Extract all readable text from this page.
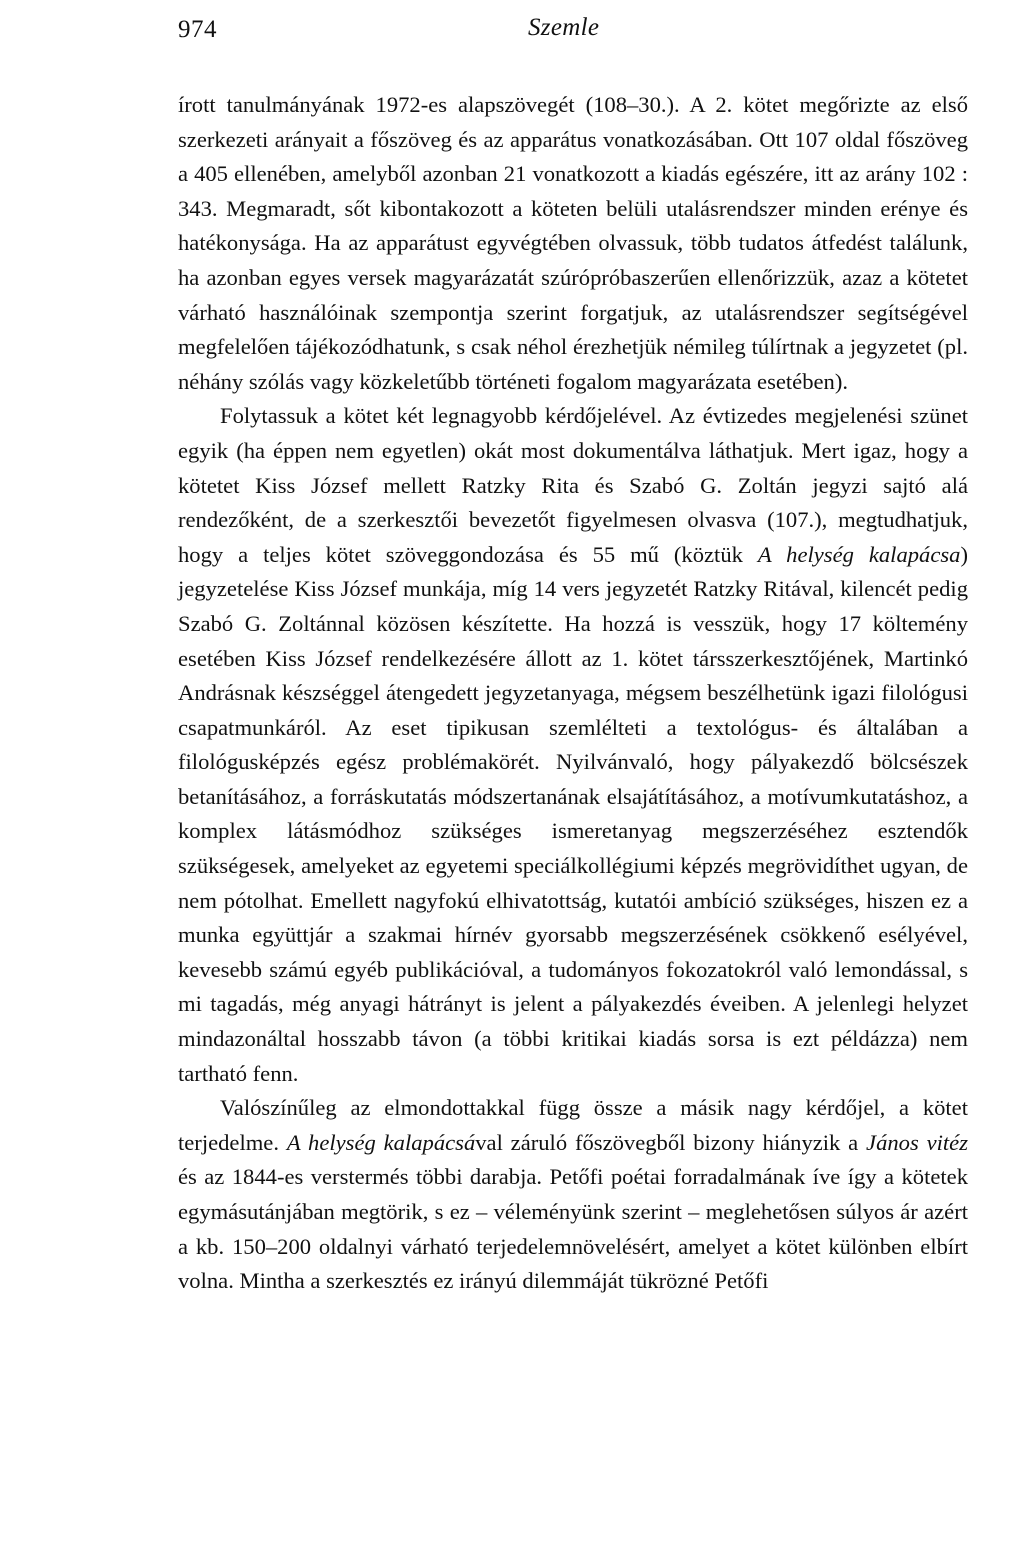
974	Szemle

írott tanulmányának 1972-es alapszövegét (108–30.). A 2. kötet megőrizte az első szerkezeti arányait a főszöveg és az apparátus vonatkozásában. Ott 107 oldal főszöveg a 405 ellenében, amelyből azonban 21 vonatkozott a kiadás egészére, itt az arány 102 : 343. Megmaradt, sőt kibontakozott a köteten belüli utalásrendszer minden erénye és hatékonysága. Ha az apparátust egyvégtében olvassuk, több tudatos átfedést találunk, ha azonban egyes versek magyarázatát szúrópróbaszerűen ellenőrizzük, azaz a kötetet várható használóinak szempontja szerint forgatjuk, az utalásrendszer segítségével megfelelően tájékozódhatunk, s csak néhol érezhetjük némileg túlírtnak a jegyzetet (pl. néhány szólás vagy közkeletűbb történeti fogalom magyarázata esetében).

Folytassuk a kötet két legnagyobb kérdőjelével. Az évtizedes megjelenési szünet egyik (ha éppen nem egyetlen) okát most dokumentálva láthatjuk. Mert igaz, hogy a kötetet Kiss József mellett Ratzky Rita és Szabó G. Zoltán jegyzi sajtó alá rendezőként, de a szerkesztői bevezetőt figyelmesen olvasva (107.), megtudhatjuk, hogy a teljes kötet szöveggondozása és 55 mű (köztük A helység kalapácsa) jegyzetelése Kiss József munkája, míg 14 vers jegyzetét Ratzky Ritával, kilencét pedig Szabó G. Zoltánnal közösen készítette. Ha hozzá is vesszük, hogy 17 költemény esetében Kiss József rendelkezésére állott az 1. kötet társszerkesztőjének, Martinkó Andrásnak készséggel átengedett jegyzetanyaga, mégsem beszélhetünk igazi filológusi csapatmunkáról. Az eset tipikusan szemlélteti a textológus- és általában a filológusképzés egész problémakörét. Nyilvánvaló, hogy pályakezdő bölcsészek betanításához, a forráskutatás módszertanának elsajátításához, a motívumkutatáshoz, a komplex látásmódhoz szükséges ismeretanyag megszerzéséhez esztendők szükségesek, amelyeket az egyetemi speciálkollégiumi képzés megrövidíthet ugyan, de nem pótolhat. Emellett nagyfokú elhivatottság, kutatói ambíció szükséges, hiszen ez a munka együttjár a szakmai hírnév gyorsabb megszerzésének csökkenő esélyével, kevesebb számú egyéb publikációval, a tudományos fokozatokról való lemondással, s mi tagadás, még anyagi hátrányt is jelent a pályakezdés éveiben. A jelenlegi helyzet mindazonáltal hosszabb távon (a többi kritikai kiadás sorsa is ezt példázza) nem tartható fenn.

Valószínűleg az elmondottakkal függ össze a másik nagy kérdőjel, a kötet terjedelme. A helység kalapácsával záruló főszövegből bizony hiányzik a János vitéz és az 1844-es verstermés többi darabja. Petőfi poétai forradalmának íve így a kötetek egymásutánjában megtörik, s ez – véleményünk szerint – meglehetősen súlyos ár azért a kb. 150–200 oldalnyi várható terjedelemnövelésért, amelyet a kötet különben elbírt volna. Mintha a szerkesztés ez irányú dilemmáját tükrözné Petőfi
